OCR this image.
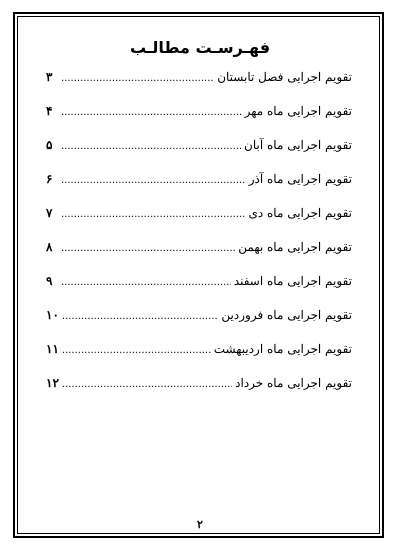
فهـرسـت مطالـب
تقویم اجرایی فصل تابستان
.....
۳
تقویم اجرایی ماه مهر
.....
۴
تقویم اجرایی ماه آبان
.....
۵
تقویم اجرایی ماه آذر
.....
۶
تقویم اجرایی ماه دی
.....
۷
تقویم اجرایی ماه بهمن
.....
۸
تقویم اجرایی ماه اسفند
.....
۹
تقویم اجرایی ماه فروردین
.....
۱۰
تقویم اجرایی ماه اردیبهشت
.....
۱۱
تقویم اجرایی ماه خرداد
.....
۱۲
۲
